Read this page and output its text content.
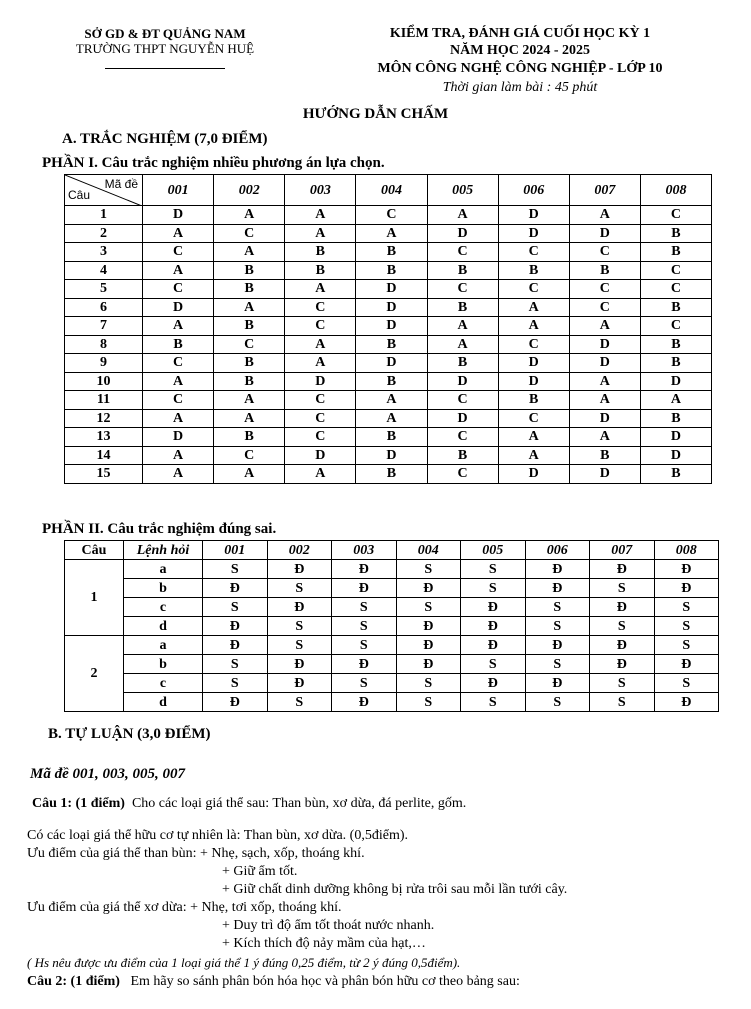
SỞ GD & ĐT QUẢNG NAM
TRƯỜNG THPT NGUYỄN HUỆ
KIỂM TRA, ĐÁNH GIÁ CUỐI HỌC KỲ 1
NĂM HỌC 2024 - 2025
MÔN CÔNG NGHỆ CÔNG NGHIỆP - LỚP 10
Thời gian làm bài : 45 phút
HƯỚNG DẪN CHẤM
A. TRẮC NGHIỆM (7,0 ĐIỂM)
PHẦN I. Câu trắc nghiệm nhiều phương án lựa chọn.
Mã đề
Câu	001	002	003	004	005	006	007	008
1	D	A	A	C	A	D	A	C
2	A	C	A	A	D	D	D	B
3	C	A	B	B	C	C	C	B
4	A	B	B	B	B	B	B	C
5	C	B	A	D	C	C	C	C
6	D	A	C	D	B	A	C	B
7	A	B	C	D	A	A	A	C
8	B	C	A	B	A	C	D	B
9	C	B	A	D	B	D	D	B
10	A	B	D	B	D	D	A	D
11	C	A	C	A	C	B	A	A
12	A	A	C	A	D	C	D	B
13	D	B	C	B	C	A	A	D
14	A	C	D	D	B	A	B	D
15	A	A	A	B	C	D	D	B
PHẦN II. Câu trắc nghiệm đúng sai.
Câu	Lệnh hỏi	001	002	003	004	005	006	007	008
1	a	S	Đ	Đ	S	S	Đ	Đ	Đ
	b	Đ	S	Đ	Đ	S	Đ	S	Đ
	c	S	Đ	S	S	Đ	S	Đ	S
	d	Đ	S	S	Đ	Đ	S	S	S
2	a	Đ	S	S	Đ	Đ	Đ	Đ	S
	b	S	Đ	Đ	Đ	S	S	Đ	Đ
	c	S	Đ	S	S	Đ	Đ	S	S
	d	Đ	S	Đ	S	S	S	S	Đ
B. TỰ LUẬN (3,0 ĐIỂM)
Mã đề 001, 003, 005, 007
Câu 1: (1 điểm) Cho các loại giá thể sau: Than bùn, xơ dừa, đá perlite, gốm.
Có các loại giá thể hữu cơ tự nhiên là: Than bùn, xơ dừa. (0,5điểm).
Ưu điểm của giá thể than bùn: + Nhẹ, sạch, xốp, thoáng khí.
+ Giữ ẩm tốt.
+ Giữ chất dinh dưỡng không bị rửa trôi sau mỗi lần tưới cây.
Ưu điểm của giá thể xơ dừa: + Nhẹ, tơi xốp, thoáng khí.
+ Duy trì độ ẩm tốt thoát nước nhanh.
+ Kích thích độ nảy mầm của hạt,…
( Hs nêu được ưu điểm của 1 loại giá thể 1 ý đúng 0,25 điểm, từ 2 ý đúng 0,5điểm).
Câu 2: (1 điểm) Em hãy so sánh phân bón hóa học và phân bón hữu cơ theo bảng sau:
